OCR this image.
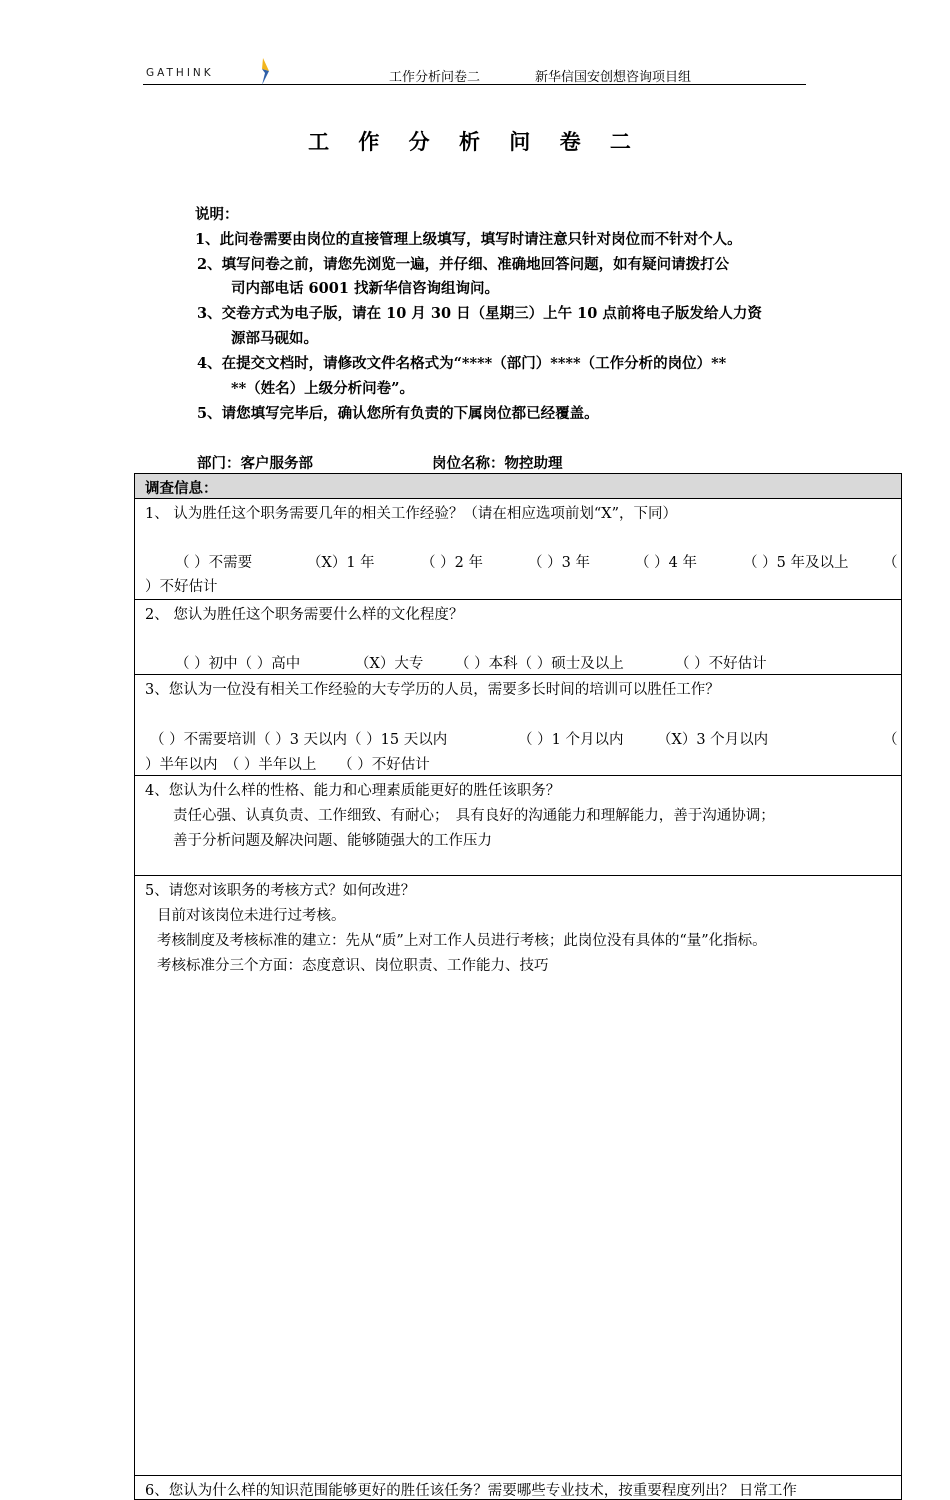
GATHINK	工作分析问卷二	新华信国安创想咨询项目组
工 作 分 析 问 卷 二
说明：
1、此问卷需要由岗位的直接管理上级填写，填写时请注意只针对岗位而不针对个人。
2、填写问卷之前，请您先浏览一遍，并仔细、准确地回答问题，如有疑问请拨打公
司内部电话 6001 找新华信咨询组询问。
3、交卷方式为电子版，请在 10 月 30 日（星期三）上午 10 点前将电子版发给人力资
源部马砚如。
4、在提交文档时，请修改文件名格式为“****（部门）****（工作分析的岗位）**
**（姓名）上级分析问卷”。
5、请您填写完毕后，确认您所有负责的下属岗位都已经覆盖。
部门：客户服务部	岗位名称：物控助理
调查信息：
1、 认为胜任这个职务需要几年的相关工作经验？（请在相应选项前划“X”，下同）
（ ）不需要	（X）1 年	（ ）2 年	（ ）3 年	（ ）4 年	（ ）5 年及以上 （
）不好估计
2、 您认为胜任这个职务需要什么样的文化程度？
（ ）初中（ ）高中	（X）大专 （ ）本科（ ）硕士及以上	（ ）不好估计
3、您认为一位没有相关工作经验的大专学历的人员，需要多长时间的培训可以胜任工作？
（ ）不需要培训（ ）3 天以内（ ）15 天以内	（ ）1 个月以内 （X）3 个月以内	（
）半年以内　（ ）半年以上　　（ ）不好估计
4、您认为什么样的性格、能力和心理素质能更好的胜任该职务？
责任心强、认真负责、工作细致、有耐心；　具有良好的沟通能力和理解能力，善于沟通协调；
善于分析问题及解决问题、能够随强大的工作压力
5、请您对该职务的考核方式？如何改进？
目前对该岗位未进行过考核。
考核制度及考核标准的建立：先从“质”上对工作人员进行考核；此岗位没有具体的“量”化指标。
考核标准分三个方面：态度意识、岗位职责、工作能力、技巧
6、您认为什么样的知识范围能够更好的胜任该任务？需要哪些专业技术，按重要程度列出？ 日常工作
